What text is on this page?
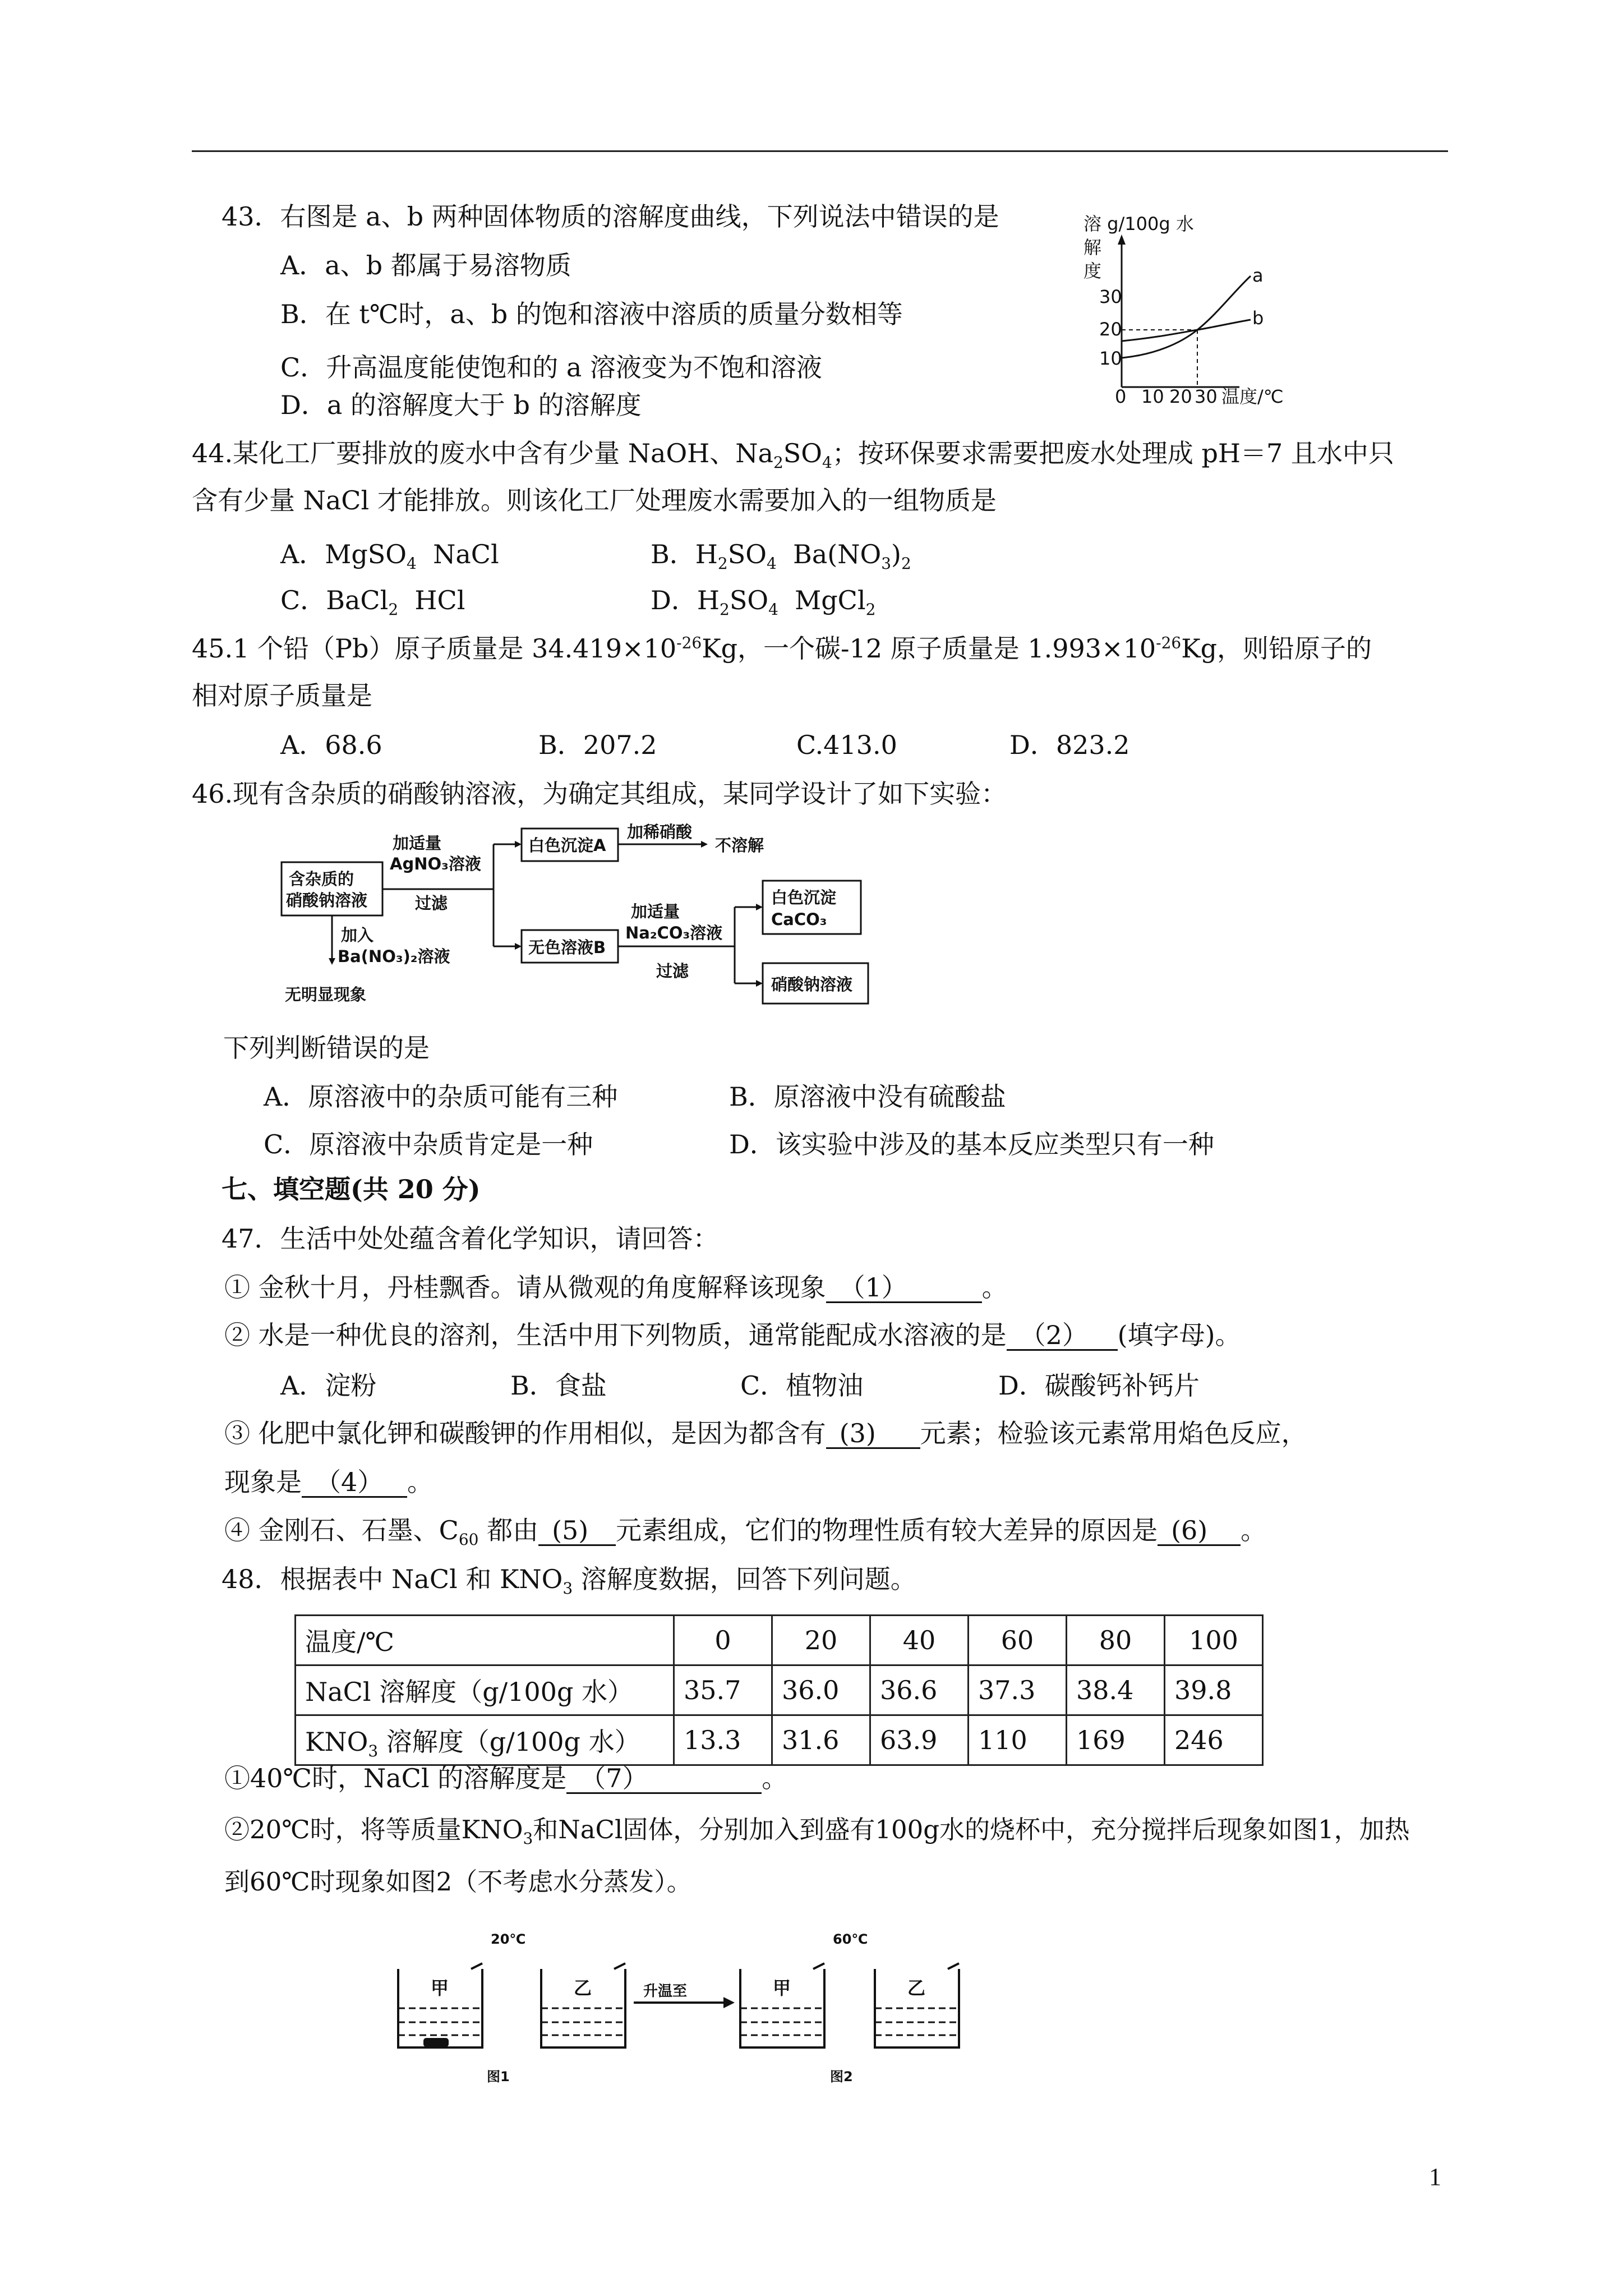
43．右图是 a、b 两种固体物质的溶解度曲线，下列说法中错误的是
A．a、b 都属于易溶物质
B．在 t℃时，a、b 的饱和溶液中溶质的质量分数相等
C．升高温度能使饱和的 a 溶液变为不饱和溶液
D．a 的溶解度大于 b 的溶解度
溶 g/100g 水
解
度
30
20
10
0 10 20 30 温度/℃
a
b
44.某化工厂要排放的废水中含有少量 NaOH、$Na_2SO_4$；按环保要求需要把废水处理成 pH＝7 且水中只
含有少量 NaCl 才能排放。则该化工厂处理废水需要加入的一组物质是
A．MgSO$_4$  NaCl	B．$H_2SO_4$  $Ba(NO_3)_2$
C．BaCl$_2$  HCl	D．$H_2SO_4$  MgCl$_2$
45.1 个铅（Pb）原子质量是 $34.419\times 10^{-26}Kg$，一个碳-12 原子质量是 $1.993\times 10^{-26}Kg$，则铅原子的
相对原子质量是
A．68.6	B．207.2	C.413.0	D．823.2
46.现有含杂质的硝酸钠溶液，为确定其组成，某同学设计了如下实验：
含杂质的
硝酸钠溶液
加适量
AgNO₃溶液
过滤
白色沉淀A
加稀硝酸
不溶解
加入
Ba(NO₃)₂溶液
无明显现象
无色溶液B
加适量
Na₂CO₃溶液
过滤
白色沉淀
CaCO₃
硝酸钠溶液
下列判断错误的是
A．原溶液中的杂质可能有三种	B．原溶液中没有硫酸盐
C．原溶液中杂质肯定是一种	D．该实验中涉及的基本反应类型只有一种
七、填空题(共 20 分)
47．生活中处处蕴含着化学知识，请回答：
① 金秋十月，丹桂飘香。请从微观的角度解释该现象 （1）	。
② 水是一种优良的溶剂，生活中用下列物质，通常能配成水溶液的是 （2） (填字母)。
A．淀粉	B．食盐	C．植物油	D．碳酸钙补钙片
③ 化肥中氯化钾和碳酸钾的作用相似，是因为都含有 (3) 元素；检验该元素常用焰色反应，
现象是 （4） 。
④ 金刚石、石墨、$C_{60}$ 都由 (5) 元素组成，它们的物理性质有较大差异的原因是 (6) 。
48．根据表中 NaCl 和 $KNO_3$ 溶解度数据，回答下列问题。
温度/℃	0	20	40	60	80	100
NaCl 溶解度（g/100g 水）	35.7	36.0	36.6	37.3	38.4	39.8
$KNO_3$ 溶解度（g/100g 水）	13.3	31.6	63.9	110	169	246
①40℃时，NaCl 的溶解度是 （7）	。
②20℃时，将等质量$KNO_3$和NaCl固体，分别加入到盛有100g水的烧杯中，充分搅拌后现象如图1，加热
到60℃时现象如图2（不考虑水分蒸发）。
20℃	60℃
图1	图2
甲	乙	升温至	甲	乙
1
